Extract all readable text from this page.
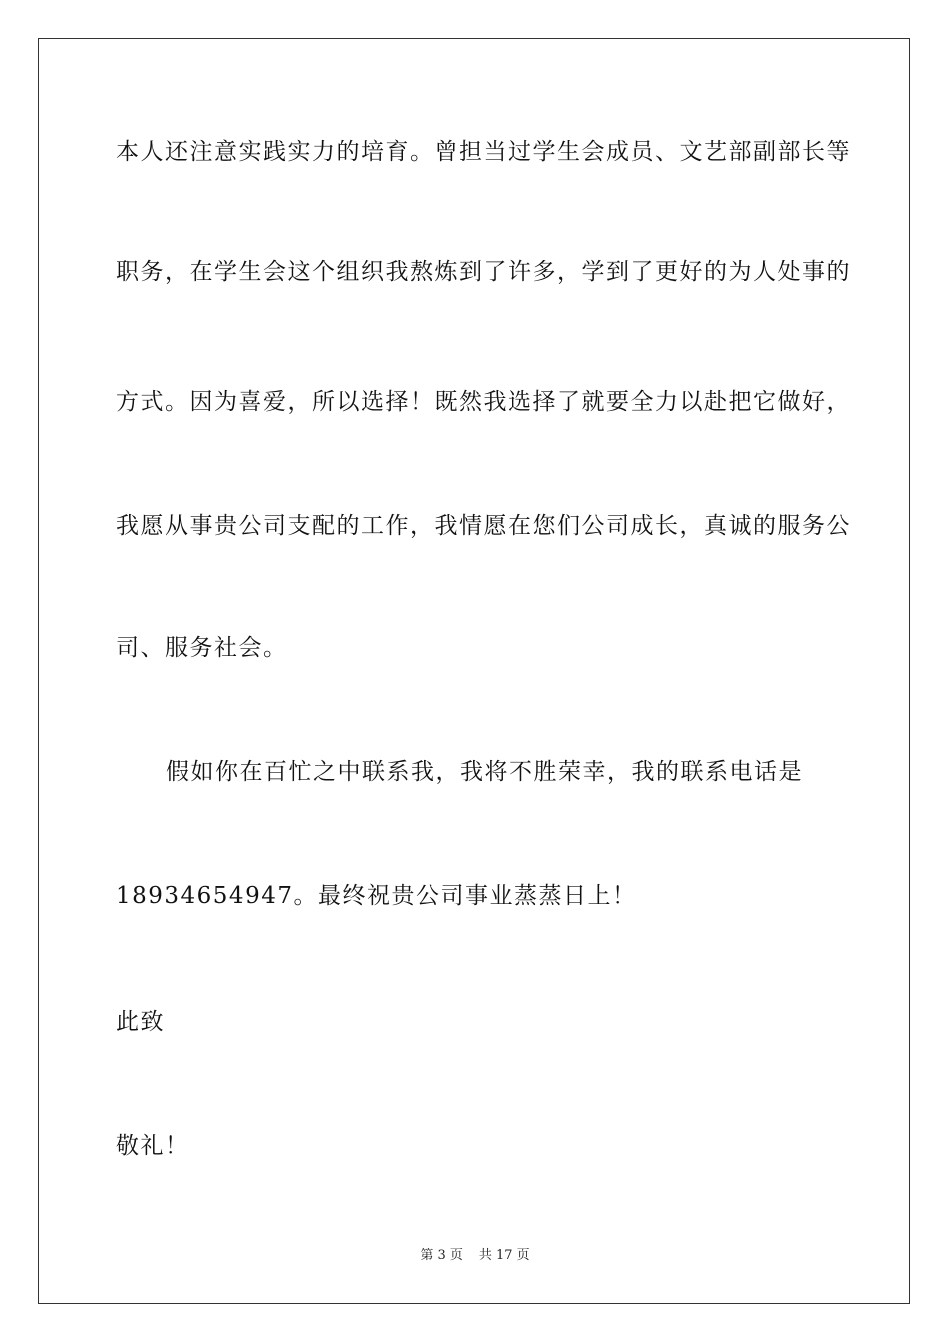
本人还注意实践实力的培育。曾担当过学生会成员、文艺部副部长等
职务，在学生会这个组织我熬炼到了许多，学到了更好的为人处事的
方式。因为喜爱，所以选择！既然我选择了就要全力以赴把它做好，
我愿从事贵公司支配的工作，我情愿在您们公司成长，真诚的服务公
司、服务社会。
假如你在百忙之中联系我，我将不胜荣幸，我的联系电话是
18934654947。最终祝贵公司事业蒸蒸日上！
此致
敬礼！
第 3 页 共 17 页
